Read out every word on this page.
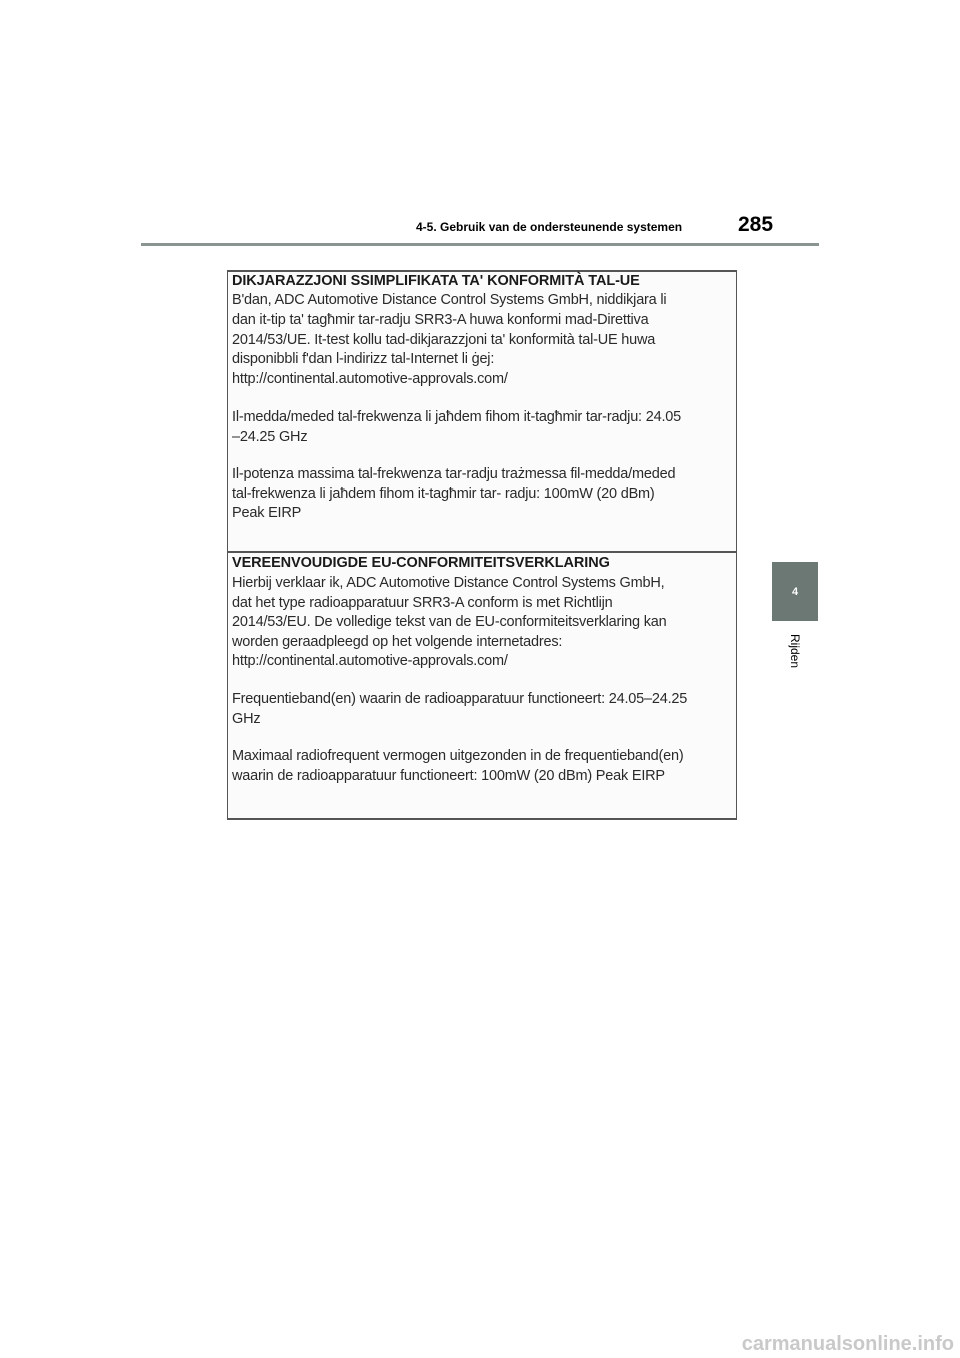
4-5. Gebruik van de ondersteunende systemen	285
4
Rijden
DIKJARAZZJONI SSIMPLIFIKATA TA' KONFORMITÀ TAL-UE
B'dan, ADC Automotive Distance Control Systems GmbH, niddikjara li
dan it-tip ta' tagħmir tar-radju SRR3-A huwa konformi mad-Direttiva
2014/53/UE. It-test kollu tad-dikjarazzjoni ta' konformità tal-UE huwa
disponibbli f'dan l-indirizz tal-Internet li ġej:
http://continental.automotive-approvals.com/
Il-medda/meded tal-frekwenza li jaħdem fihom it-tagħmir tar-radju: 24.05
–24.25 GHz
Il-potenza massima tal-frekwenza tar-radju trażmessa fil-medda/meded
tal-frekwenza li jaħdem fihom it-tagħmir tar- radju: 100mW (20 dBm)
Peak EIRP
VEREENVOUDIGDE EU-CONFORMITEITSVERKLARING
Hierbij verklaar ik, ADC Automotive Distance Control Systems GmbH,
dat het type radioapparatuur SRR3-A conform is met Richtlijn
2014/53/EU. De volledige tekst van de EU-conformiteitsverklaring kan
worden geraadpleegd op het volgende internetadres:
http://continental.automotive-approvals.com/
Frequentieband(en) waarin de radioapparatuur functioneert: 24.05–24.25
GHz
Maximaal radiofrequent vermogen uitgezonden in de frequentieband(en)
waarin de radioapparatuur functioneert: 100mW (20 dBm) Peak EIRP
carmanualsonline.info
